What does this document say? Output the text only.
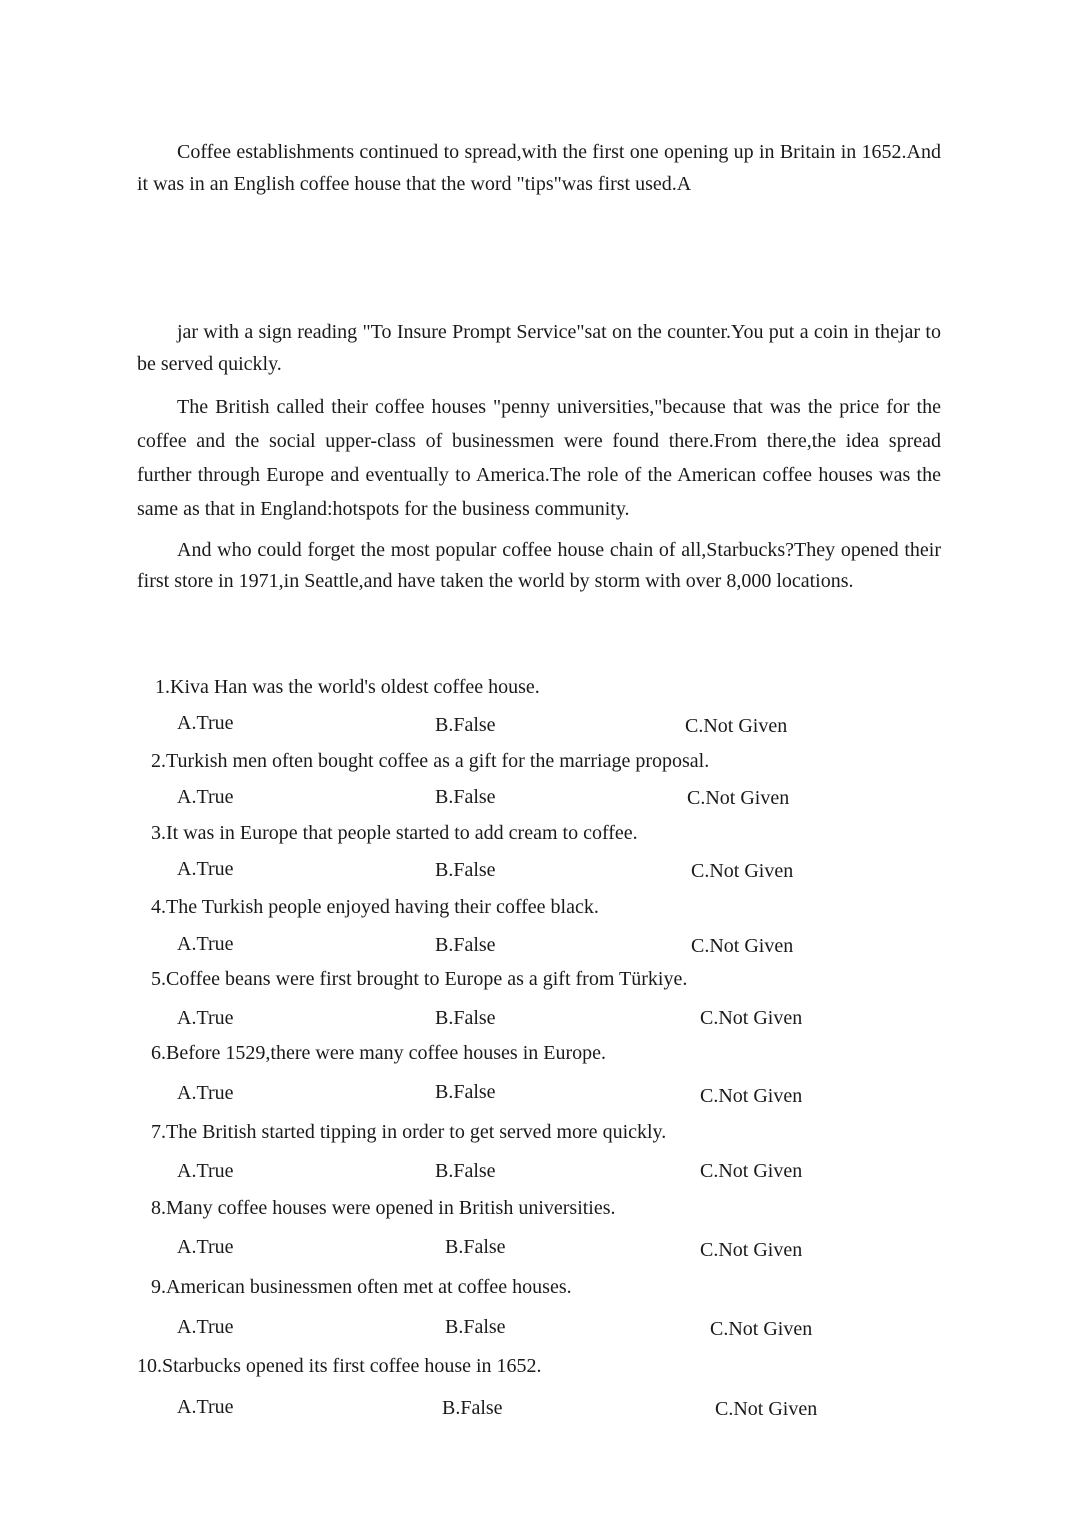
Coffee establishments continued to spread,with the first one opening up in Britain in 1652.And it was in an English coffee house that the word "tips"was first used.A

jar with a sign reading "To Insure Prompt Service"sat on the counter.You put a coin in thejar to be served quickly.

The British called their coffee houses "penny universities,"because that was the price for the coffee and the social upper-class of businessmen were found there.From there,the idea spread further through Europe and eventually to America.The role of the American coffee houses was the same as that in England:hotspots for the business community.

And who could forget the most popular coffee house chain of all,Starbucks?They opened their first store in 1971,in Seattle,and have taken the world by storm with over 8,000 locations.

1.Kiva Han was the world's oldest coffee house.

A.True	B.False	C.Not Given

2.Turkish men often bought coffee as a gift for the marriage proposal.

A.True	B.False	C.Not Given

3.It was in Europe that people started to add cream to coffee.

A.True	B.False	C.Not Given

4.The Turkish people enjoyed having their coffee black.

A.True	B.False	C.Not Given

5.Coffee beans were first brought to Europe as a gift from Türkiye.

A.True	B.False	C.Not Given

6.Before 1529,there were many coffee houses in Europe.

A.True	B.False	C.Not Given

7.The British started tipping in order to get served more quickly.

A.True	B.False	C.Not Given

8.Many coffee houses were opened in British universities.

A.True	B.False	C.Not Given

9.American businessmen often met at coffee houses.

A.True	B.False	C.Not Given

10.Starbucks opened its first coffee house in 1652.

A.True	B.False	C.Not Given
